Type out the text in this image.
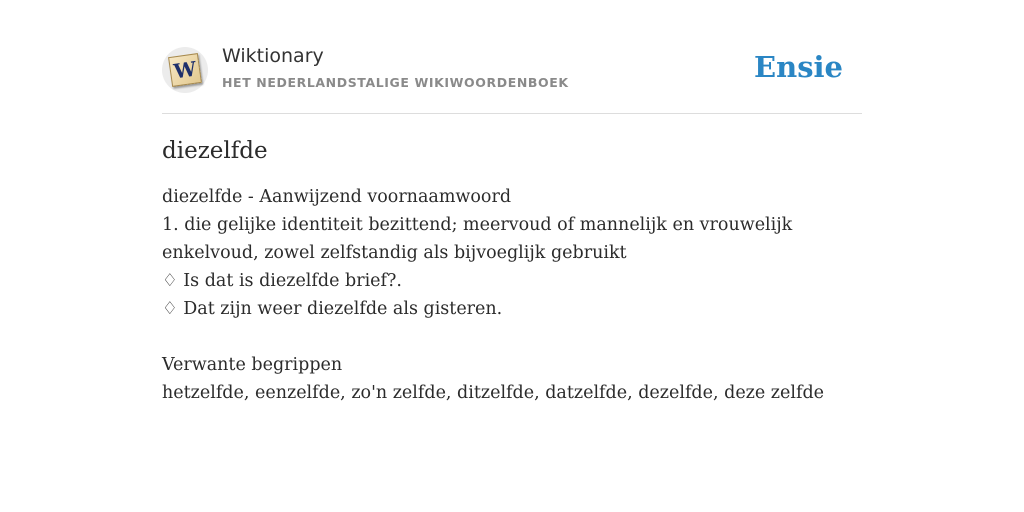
W
Wiktionary
HET NEDERLANDSTALIGE WIKIWOORDENBOEK	Ensie
diezelfde
diezelfde - Aanwijzend voornaamwoord
1. die gelijke identiteit bezittend; meervoud of mannelijk en vrouwelijk
enkelvoud, zowel zelfstandig als bijvoeglijk gebruikt
♢ Is dat is diezelfde brief?.
♢ Dat zijn weer diezelfde als gisteren.
Verwante begrippen
hetzelfde, eenzelfde, zo'n zelfde, ditzelfde, datzelfde, dezelfde, deze zelfde
